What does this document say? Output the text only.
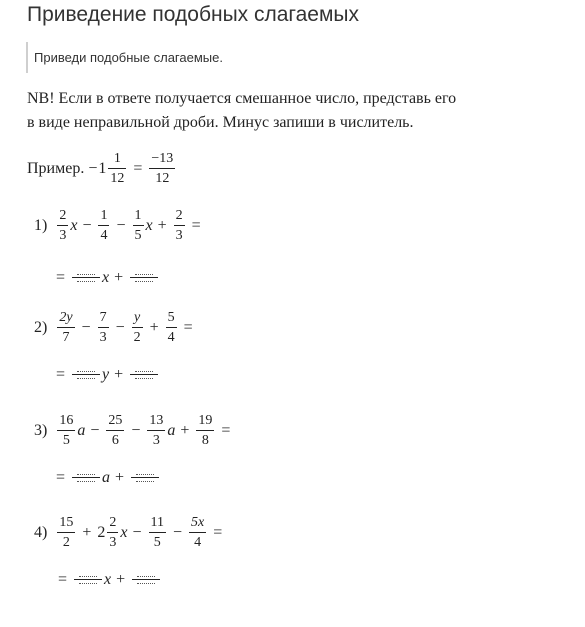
Приведение подобных слагаемых
Приведи подобные слагаемые.
NB! Если в ответе получается смешанное число, представь его
в виде неправильной дроби. Минус запиши в числитель.
Пример. − $1 \frac{1}{12} = \frac{-13}{12}$
$1) \frac{2}{3}$ $x - \frac{1}{4} - \frac{1}{5}$ $x + \frac{2}{3}$ =
= x +
$2) \frac{2y}{7} - \frac{7}{3} - \frac{y}{2} + \frac{5}{4}$ =
= y +
$3) \frac{16}{5}$ $a - \frac{25}{6} - \frac{13}{3}$ $a + \frac{19}{8}$ =
= a +
$4) \frac{15}{2} + 2 \frac{2}{3}$ $x - \frac{11}{5} - \frac{5x}{4}$ =
= x +
